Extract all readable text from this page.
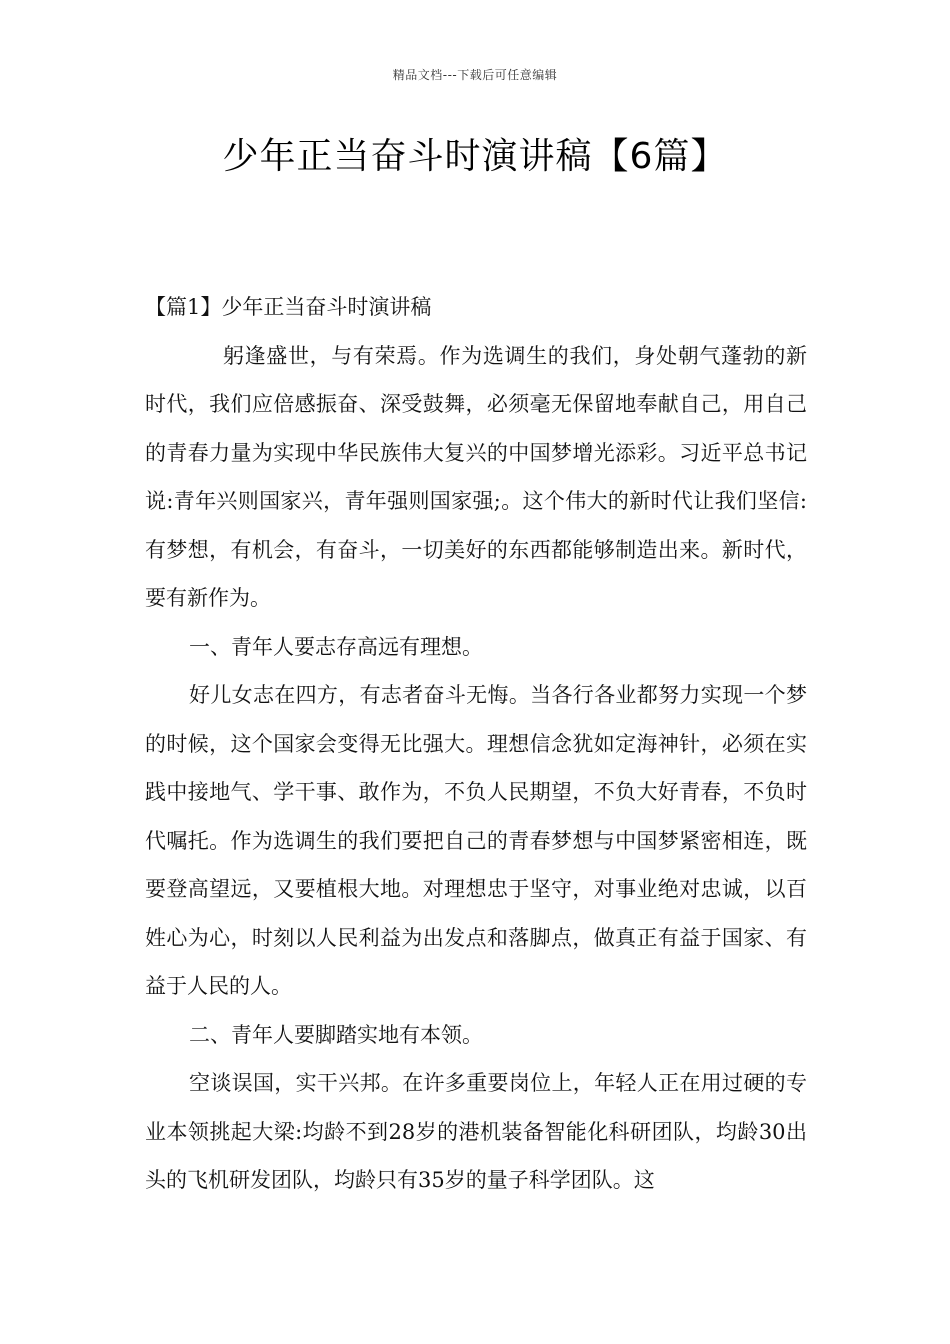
精品文档---下载后可任意编辑
少年正当奋斗时演讲稿【6篇】

【篇1】少年正当奋斗时演讲稿

躬逢盛世，与有荣焉。作为选调生的我们，身处朝气蓬勃的新时代，我们应倍感振奋、深受鼓舞，必须毫无保留地奉献自己，用自己的青春力量为实现中华民族伟大复兴的中国梦增光添彩。习近平总书记说:青年兴则国家兴，青年强则国家强;。这个伟大的新时代让我们坚信:有梦想，有机会，有奋斗，一切美好的东西都能够制造出来。新时代，要有新作为。

一、青年人要志存高远有理想。

好儿女志在四方，有志者奋斗无悔。当各行各业都努力实现一个梦的时候，这个国家会变得无比强大。理想信念犹如定海神针，必须在实践中接地气、学干事、敢作为，不负人民期望，不负大好青春，不负时代嘱托。作为选调生的我们要把自己的青春梦想与中国梦紧密相连，既要登高望远，又要植根大地。对理想忠于坚守，对事业绝对忠诚，以百姓心为心，时刻以人民利益为出发点和落脚点，做真正有益于国家、有益于人民的人。

二、青年人要脚踏实地有本领。

空谈误国，实干兴邦。在许多重要岗位上，年轻人正在用过硬的专业本领挑起大梁:均龄不到28岁的港机装备智能化科研团队，均龄30出头的飞机研发团队，均龄只有35岁的量子科学团队。这
